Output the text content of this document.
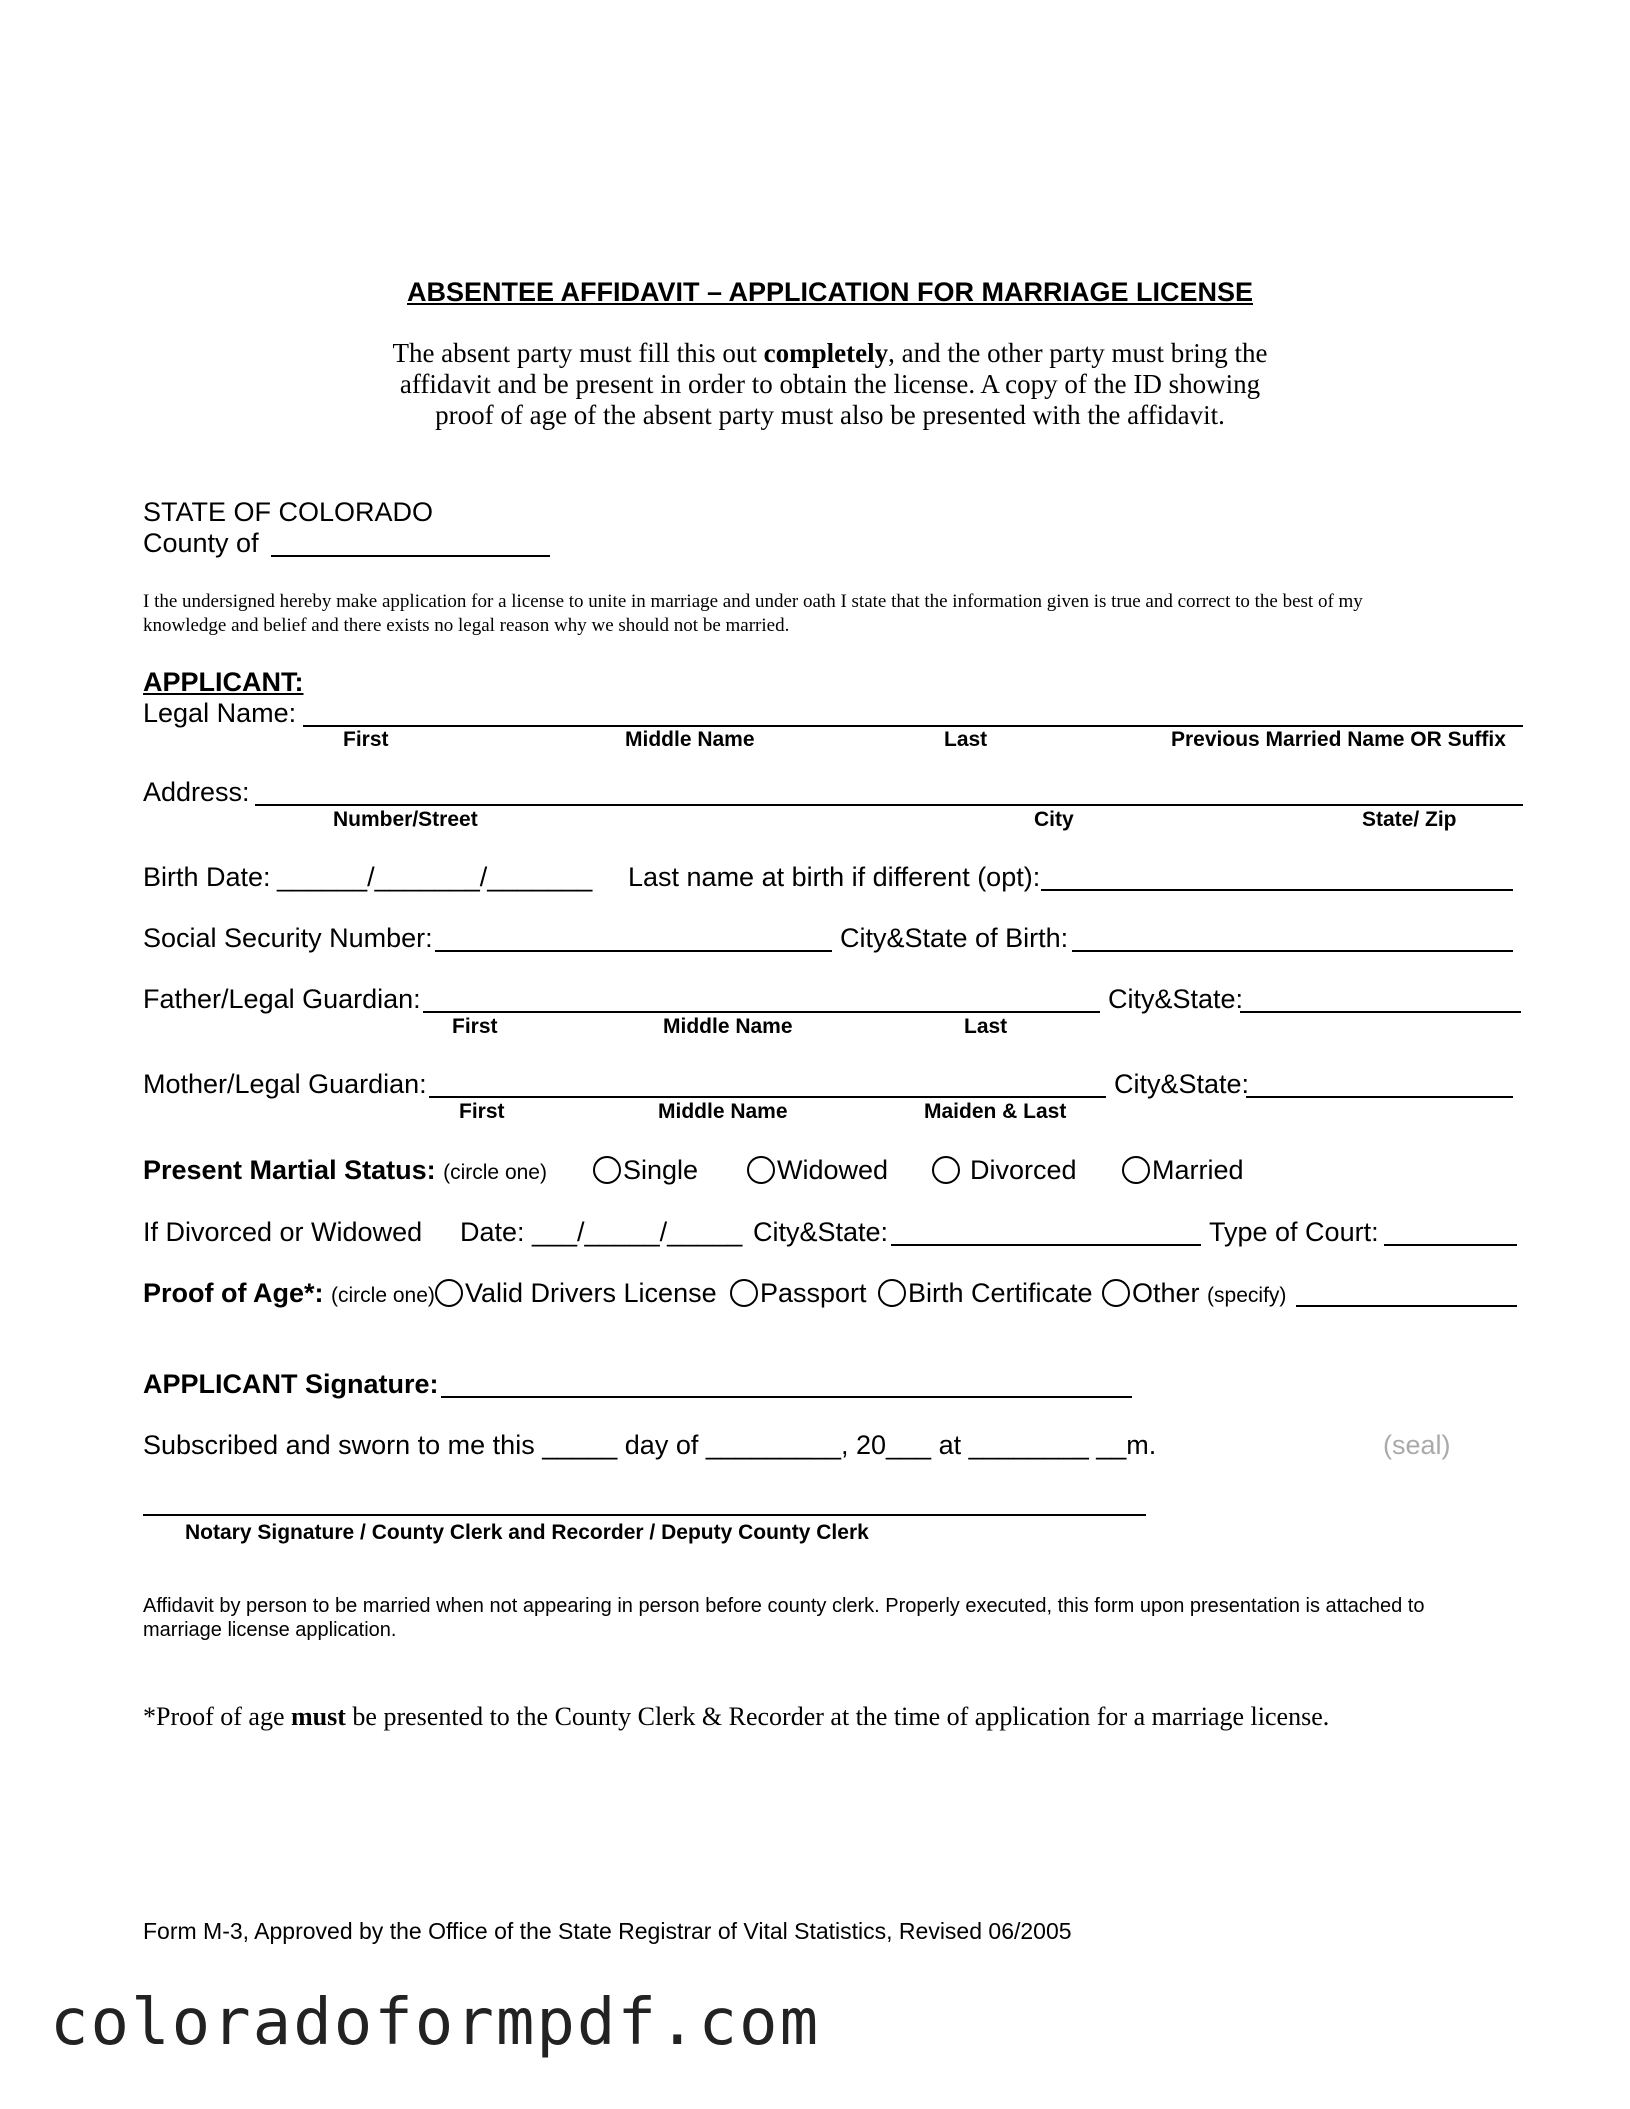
ABSENTEE AFFIDAVIT – APPLICATION FOR MARRIAGE LICENSE
The absent party must fill this out completely, and the other party must bring the
affidavit and be present in order to obtain the license. A copy of the ID showing
proof of age of the absent party must also be presented with the affidavit.
STATE OF COLORADO
County of
I the undersigned hereby make application for a license to unite in marriage and under oath I state that the information given is true and correct to the best of my
knowledge and belief and there exists no legal reason why we should not be married.
APPLICANT:
Legal Name:
First	Middle Name	Last	Previous Married Name OR Suffix
Address:
Number/Street	City	State/ Zip
Birth Date: ______/_______/_______ Last name at birth if different (opt):
Social Security Number:	City&State of Birth:
Father/Legal Guardian:	City&State:
First	Middle Name	Last
Mother/Legal Guardian:	City&State:
First	Middle Name	Maiden & Last
Present Martial Status: (circle one)	Single	Widowed	Divorced	Married
If Divorced or Widowed Date: ___/_____/_____ City&State:	Type of Court:
Proof of Age*: (circle one)	Valid Drivers License	Passport	Birth Certificate	Other (specify)
APPLICANT Signature:
Subscribed and sworn to me this _____ day of _________, 20___ at ________ __m.	(seal)
Notary Signature / County Clerk and Recorder / Deputy County Clerk
Affidavit by person to be married when not appearing in person before county clerk. Properly executed, this form upon presentation is attached to
marriage license application.
*Proof of age must be presented to the County Clerk & Recorder at the time of application for a marriage license.
Form M-3, Approved by the Office of the State Registrar of Vital Statistics, Revised 06/2005
coloradoformpdf.com
